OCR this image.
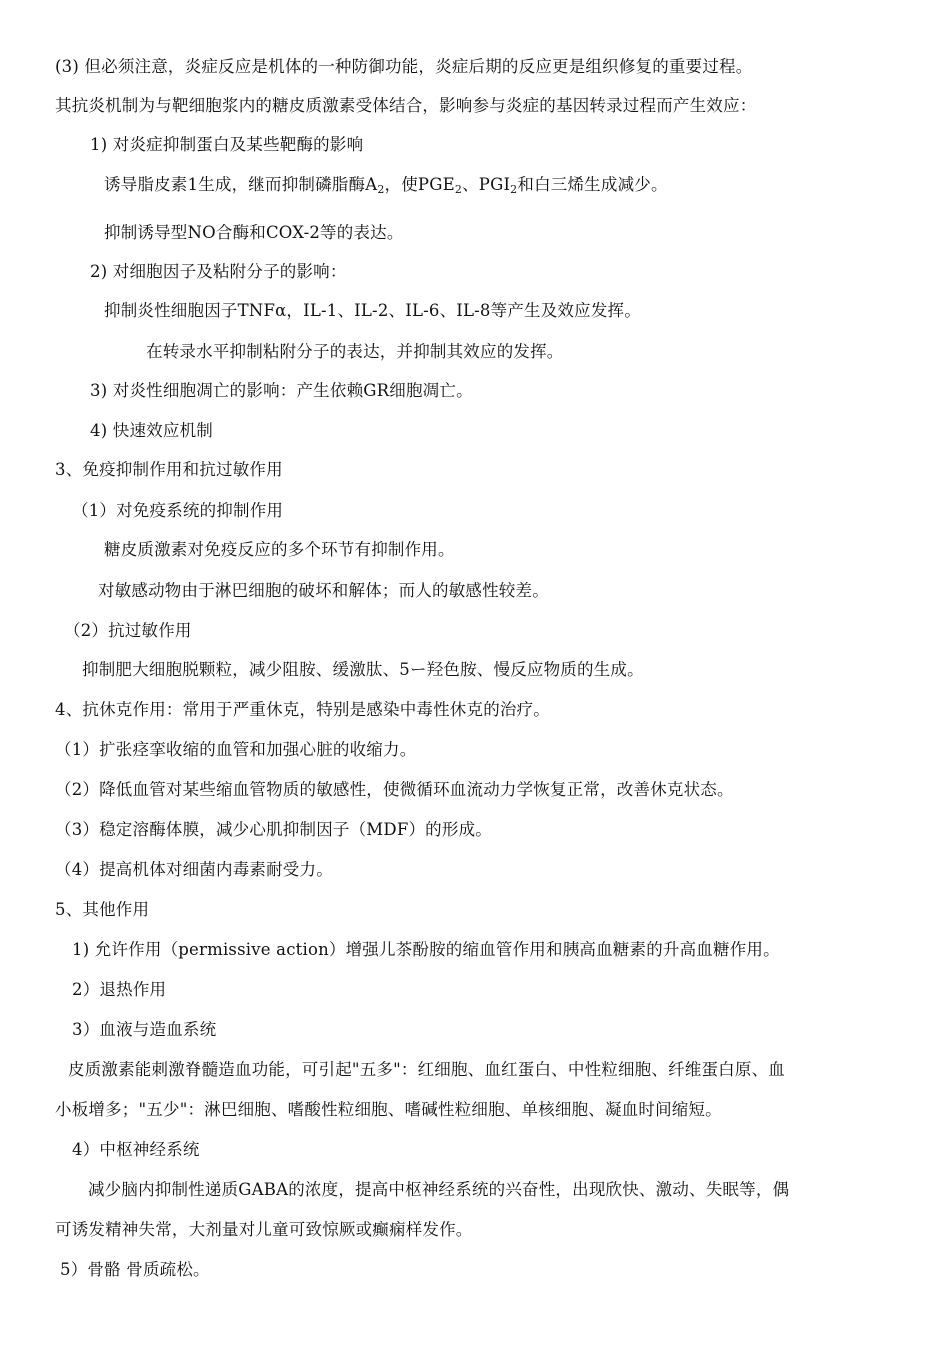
(3) 但必须注意，炎症反应是机体的一种防御功能，炎症后期的反应更是组织修复的重要过程。
其抗炎机制为与靶细胞浆内的糖皮质激素受体结合，影响参与炎症的基因转录过程而产生效应：
1) 对炎症抑制蛋白及某些靶酶的影响
诱导脂皮素1生成，继而抑制磷脂酶$A_2$，使$PGE_2$、$PGI_2$和白三烯生成减少。
抑制诱导型NO合酶和COX-2等的表达。
2) 对细胞因子及粘附分子的影响：
抑制炎性细胞因子TNFα，IL-1、IL-2、IL-6、IL-8等产生及效应发挥。
在转录水平抑制粘附分子的表达，并抑制其效应的发挥。
3) 对炎性细胞凋亡的影响：产生依赖GR细胞凋亡。
4) 快速效应机制
3、免疫抑制作用和抗过敏作用
（1）对免疫系统的抑制作用
糖皮质激素对免疫反应的多个环节有抑制作用。
对敏感动物由于淋巴细胞的破坏和解体；而人的敏感性较差。
（2）抗过敏作用
抑制肥大细胞脱颗粒，减少阻胺、缓激肽、5ー羟色胺、慢反应物质的生成。
4、抗休克作用：常用于严重休克，特别是感染中毒性休克的治疗。
（1）扩张痉挛收缩的血管和加强心脏的收缩力。
（2）降低血管对某些缩血管物质的敏感性，使微循环血流动力学恢复正常，改善休克状态。
（3）稳定溶酶体膜，减少心肌抑制因子（MDF）的形成。
（4）提高机体对细菌内毒素耐受力。
5、其他作用
1) 允许作用（permissive action）增强儿茶酚胺的缩血管作用和胰高血糖素的升高血糖作用。
2）退热作用
3）血液与造血系统
皮质激素能刺激脊髓造血功能，可引起"五多"：红细胞、血红蛋白、中性粒细胞、纤维蛋白原、血
小板增多；"五少"：淋巴细胞、嗜酸性粒细胞、嗜碱性粒细胞、单核细胞、凝血时间缩短。
4）中枢神经系统
减少脑内抑制性递质GABA的浓度，提高中枢神经系统的兴奋性，出现欣快、激动、失眠等，偶
可诱发精神失常，大剂量对儿童可致惊厥或癫痫样发作。
5）骨骼 骨质疏松。
